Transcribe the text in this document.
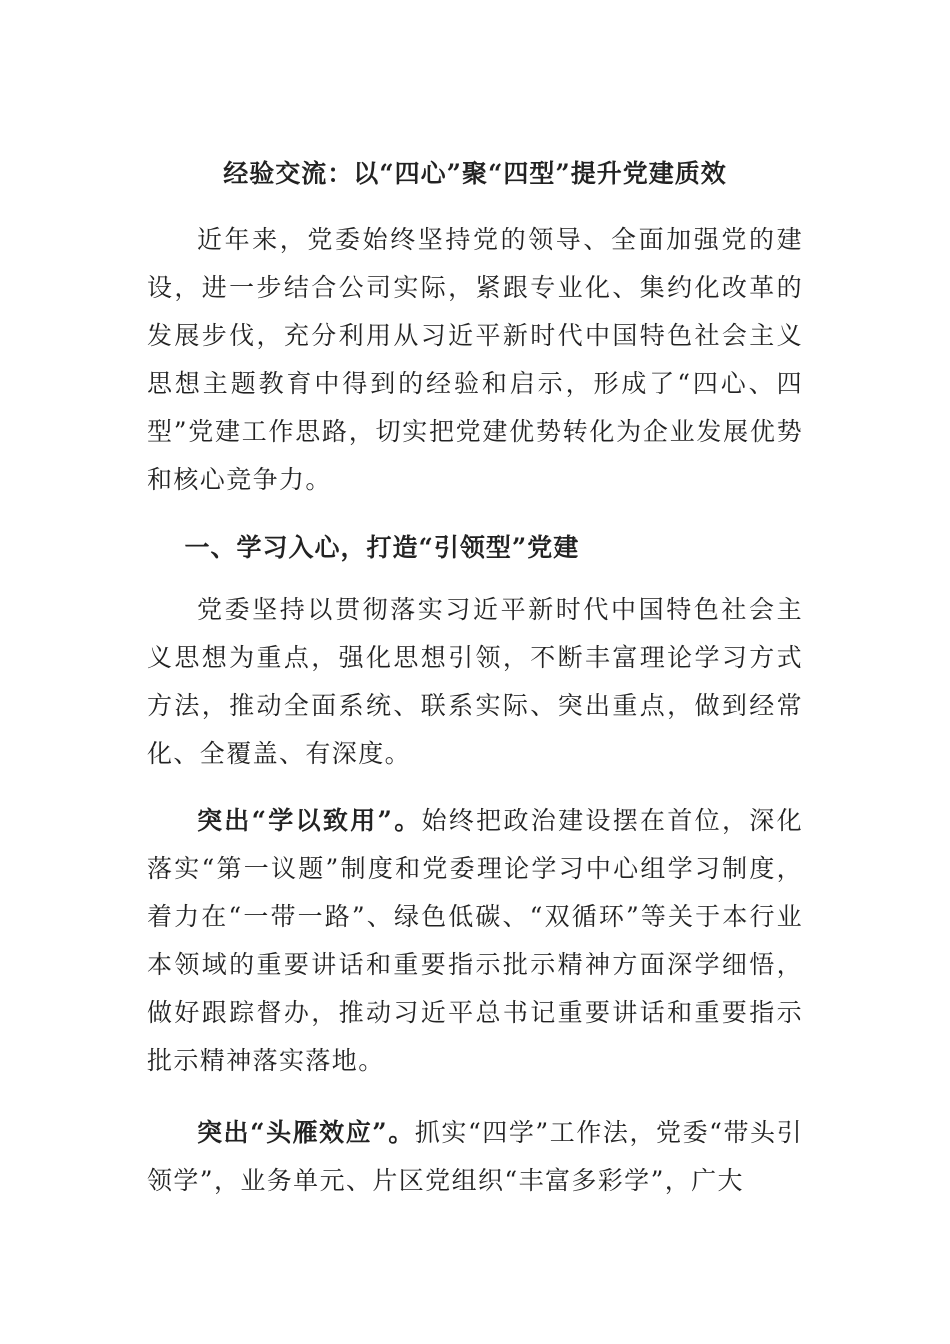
经验交流：以“四心”聚“四型”提升党建质效

近年来，党委始终坚持党的领导、全面加强党的建设，进一步结合公司实际，紧跟专业化、集约化改革的发展步伐，充分利用从习近平新时代中国特色社会主义思想主题教育中得到的经验和启示，形成了“四心、四型”党建工作思路，切实把党建优势转化为企业发展优势和核心竞争力。

一、学习入心，打造“引领型”党建

党委坚持以贯彻落实习近平新时代中国特色社会主义思想为重点，强化思想引领，不断丰富理论学习方式方法，推动全面系统、联系实际、突出重点，做到经常化、全覆盖、有深度。

突出“学以致用”。始终把政治建设摆在首位，深化落实“第一议题”制度和党委理论学习中心组学习制度，着力在“一带一路”、绿色低碳、“双循环”等关于本行业本领域的重要讲话和重要指示批示精神方面深学细悟，做好跟踪督办，推动习近平总书记重要讲话和重要指示批示精神落实落地。

突出“头雁效应”。抓实“四学”工作法，党委“带头引领学”，业务单元、片区党组织“丰富多彩学”，广大
